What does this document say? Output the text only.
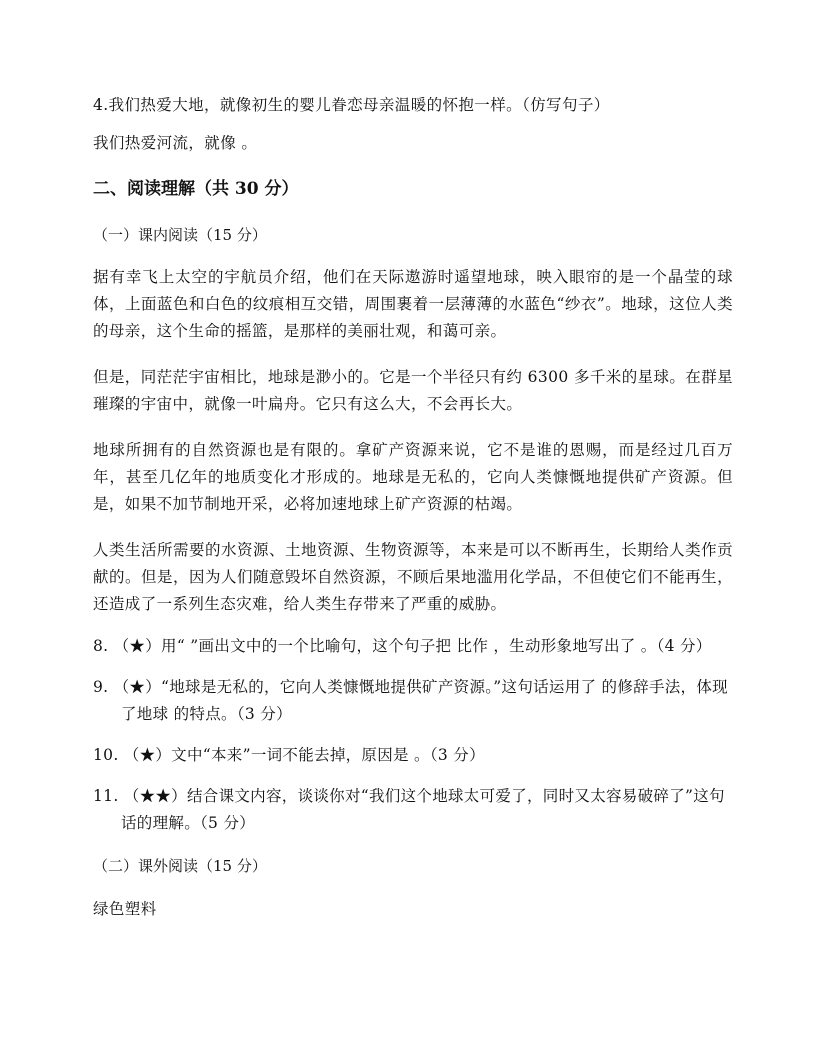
4.我们热爱大地，就像初生的婴儿眷恋母亲温暖的怀抱一样。（仿写句子）
我们热爱河流，就像 。
二、阅读理解（共 30 分）
（一）课内阅读（15 分）
据有幸飞上太空的宇航员介绍，他们在天际遨游时遥望地球，映入眼帘的是一个晶莹的球体，上面蓝色和白色的纹痕相互交错，周围裹着一层薄薄的水蓝色“纱衣”。地球，这位人类的母亲，这个生命的摇篮，是那样的美丽壮观，和蔼可亲。
但是，同茫茫宇宙相比，地球是渺小的。它是一个半径只有约 6300 多千米的星球。在群星璀璨的宇宙中，就像一叶扁舟。它只有这么大，不会再长大。
地球所拥有的自然资源也是有限的。拿矿产资源来说，它不是谁的恩赐，而是经过几百万年，甚至几亿年的地质变化才形成的。地球是无私的，它向人类慷慨地提供矿产资源。但是，如果不加节制地开采，必将加速地球上矿产资源的枯竭。
人类生活所需要的水资源、土地资源、生物资源等，本来是可以不断再生，长期给人类作贡献的。但是，因为人们随意毁坏自然资源，不顾后果地滥用化学品，不但使它们不能再生，还造成了一系列生态灾难，给人类生存带来了严重的威胁。
8. （★）用“ ”画出文中的一个比喻句，这个句子把 比作 ，生动形象地写出了 。（4 分）
9. （★）“地球是无私的，它向人类慷慨地提供矿产资源。”这句话运用了 的修辞手法，体现了地球 的特点。（3 分）
10. （★）文中“本来”一词不能去掉，原因是 。（3 分）
11. （★★）结合课文内容，谈谈你对“我们这个地球太可爱了，同时又太容易破碎了”这句话的理解。（5 分）
（二）课外阅读（15 分）
绿色塑料
